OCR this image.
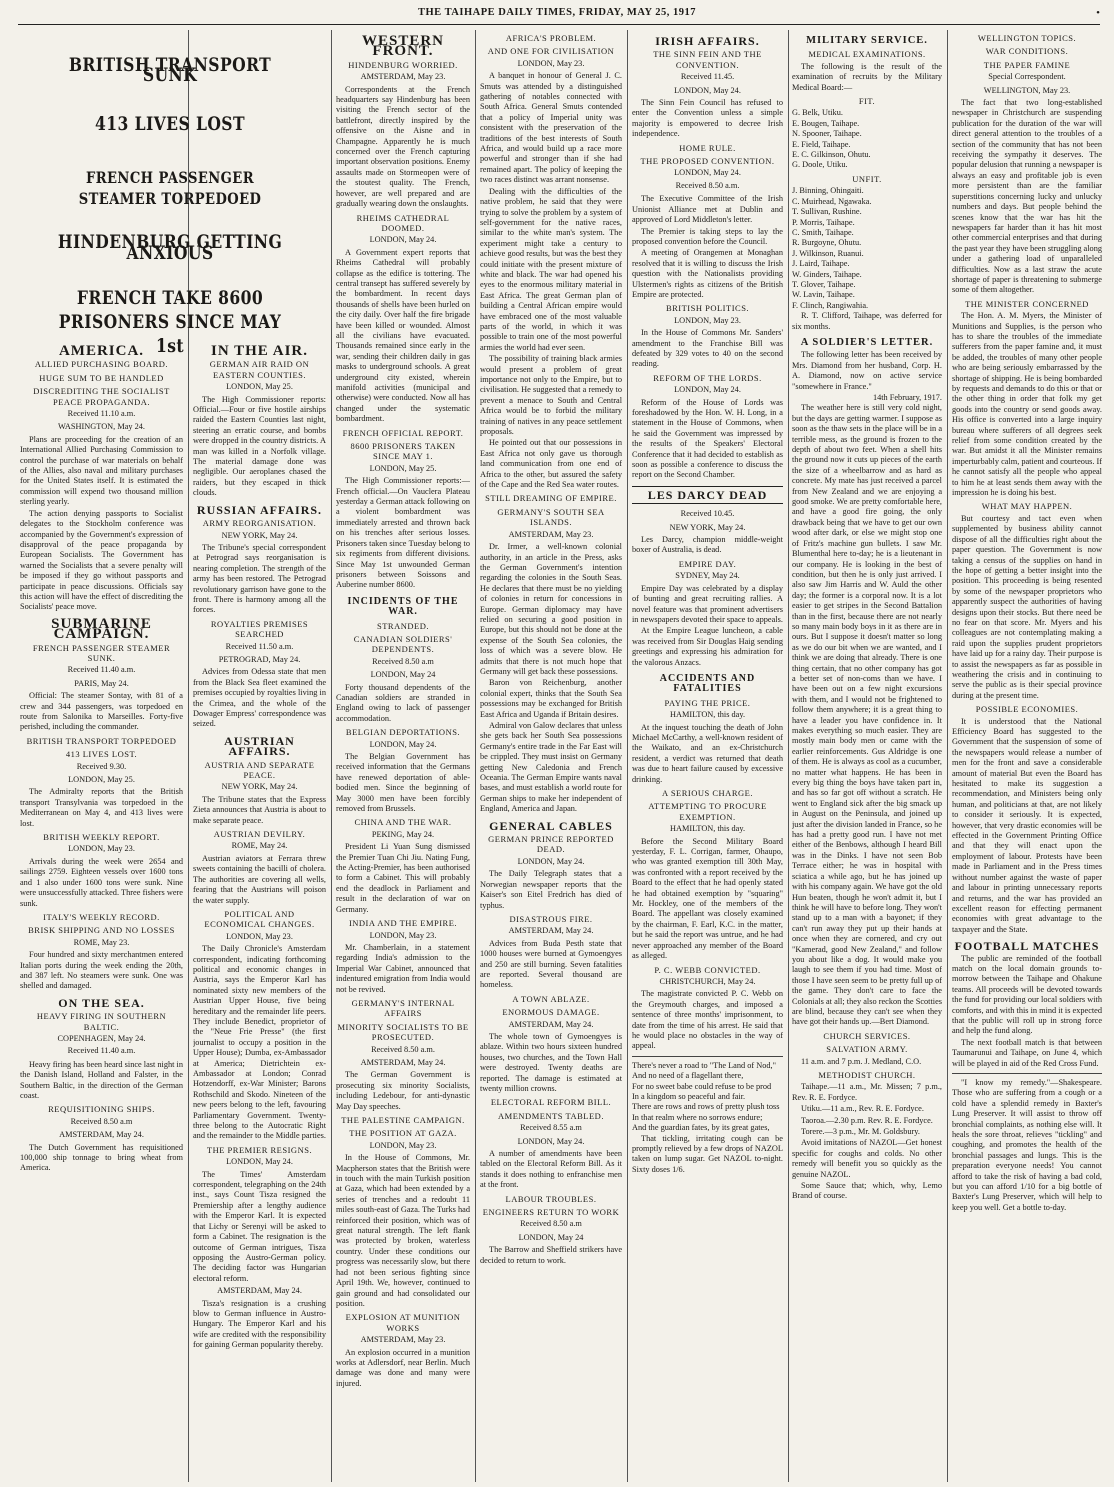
THE TAIHAPE DAILY TIMES, FRIDAY, MAY 25, 1917	•
BRITISH TRANSPORT SUNK
413 LIVES LOST
FRENCH PASSENGER STEAMER TORPEDOED
HINDENBURG GETTING ANXIOUS
FRENCH TAKE 8600 PRISONERS SINCE MAY 1st
AMERICA.
ALLIED PURCHASING BOARD.
HUGE SUM TO BE HANDLED
DISCREDITING THE SOCIALIST PEACE PROPAGANDA.
Received 11.10 a.m.
WASHINGTON, May 24.

Plans are proceeding for the creation of an International Allied Purchasing Commission to control the purchase of war materials on behalf of the Allies, also naval and military purchases for the United States itself. It is estimated the commission will expend two thousand million sterling yearly.

The action denying passports to Socialist delegates to the Stockholm conference was accompanied by the Government's expression of disapproval of the peace propaganda by European Socialists. The Government has warned the Socialists that a severe penalty will be imposed if they go without passports and participate in peace discussions. Officials say this action will have the effect of discrediting the Socialists' peace move.

SUBMARINE CAMPAIGN.
FRENCH PASSENGER STEAMER SUNK.
Received 11.40 a.m.
PARIS, May 24.

Official: The steamer Sontay, with 81 of a crew and 344 passengers, was torpedoed en route from Salonika to Marseilles. Forty-five perished, including the commander.

BRITISH TRANSPORT TORPEDOED
413 LIVES LOST.
Received 9.30.
LONDON, May 25.

The Admiralty reports that the British transport Transylvania was torpedoed in the Mediterranean on May 4, and 413 lives were lost.

BRITISH WEEKLY REPORT.
LONDON, May 23.

Arrivals during the week were 2654 and sailings 2759. Eighteen vessels over 1600 tons and 1 also under 1600 tons were sunk. Nine were unsuccessfully attacked. Three fishers were sunk.

ITALY'S WEEKLY RECORD.
BRISK SHIPPING AND NO LOSSES
ROME, May 23.

Four hundred and sixty merchantmen entered Italian ports during the week ending the 20th, and 387 left. No steamers were sunk. One was shelled and damaged.

ON THE SEA.
HEAVY FIRING IN SOUTHERN BALTIC.
COPENHAGEN, May 24.
Received 11.40 a.m.

Heavy firing has been heard since last night in the Danish Island, Holland and Falster, in the Southern Baltic, in the direction of the German coast.

REQUISITIONING SHIPS.
Received 8.50 a.m
AMSTERDAM, May 24.

The Dutch Government has requisitioned 100,000 ship tonnage to bring wheat from America.

IN THE AIR.
GERMAN AIR RAID ON EASTERN COUNTIES.
LONDON, May 25.

The High Commissioner reports: Official.—Four or five hostile airships raided the Eastern Counties last night, steering an erratic course, and bombs were dropped in the country districts. A man was killed in a Norfolk village. The material damage done was negligible. Our aeroplanes chased the raiders, but they escaped in thick clouds.

RUSSIAN AFFAIRS.
ARMY REORGANISATION.
NEW YORK, May 24.

The Tribune's special correspondent at Petrograd says reorganisation is nearing completion. The strength of the army has been restored. The Petrograd revolutionary garrison have gone to the front. There is harmony among all the forces.

ROYALTIES PREMISES SEARCHED
Received 11.50 a.m.
PETROGRAD, May 24.

Advices from Odessa state that men from the Black Sea fleet examined the premises occupied by royalties living in the Crimea, and the whole of the Dowager Empress' correspondence was seized.

AUSTRIAN AFFAIRS.
AUSTRIA AND SEPARATE PEACE.
NEW YORK, May 24.

The Tribune states that the Express Zieta announces that Austria is about to make separate peace.

AUSTRIAN DEVILRY.
ROME, May 24.

Austrian aviators at Ferrara threw sweets containing the bacilli of cholera. The authorities are covering all wells, fearing that the Austrians will poison the water supply.

POLITICAL AND ECONOMICAL CHANGES.
LONDON, May 23.

The Daily Chronicle's Amsterdam correspondent, indicating forthcoming political and economic changes in Austria, says the Emperor Karl has nominated sixty new members of the Austrian Upper House, five being hereditary and the remainder life peers. They include Benedict, proprietor of the "Neue Frie Presse" (the first journalist to occupy a position in the Upper House); Dumba, ex-Ambassador at America; Dietrichtein ex-Ambassador at London; Conrad Hotzendorff, ex-War Minister; Barons Rothschild and Skodo. Nineteen of the new peers belong to the left, favouring Parliamentary Government. Twenty-three belong to the Autocratic Right and the remainder to the Middle parties.

THE PREMIER RESIGNS.
LONDON, May 24.

The Times' Amsterdam correspondent, telegraphing on the 24th inst., says Count Tisza resigned the Premiership after a lengthy audience with the Emperor Karl. It is expected that Lichy or Serenyi will be asked to form a Cabinet. The resignation is the outcome of German intrigues, Tisza opposing the Austro-German policy. The deciding factor was Hungarian electoral reform.

AMSTERDAM, May 24.

Tisza's resignation is a crushing blow to German influence in Austro-Hungary. The Emperor Karl and his wife are credited with the responsibility for gaining German popularity thereby.

WESTERN FRONT.
HINDENBURG WORRIED.
AMSTERDAM, May 23.

Correspondents at the French headquarters say Hindenburg has been visiting the French sector of the battlefront, directly inspired by the offensive on the Aisne and in Champagne. Apparently he is much concerned over the French capturing important observation positions. Enemy assaults made on Stormeopen were of the stoutest quality. The French, however, are well prepared and are gradually wearing down the onslaughts.

RHEIMS CATHEDRAL DOOMED.
LONDON, May 24.

A Government expert reports that Rheims Cathedral will probably collapse as the edifice is tottering. The central transept has suffered severely by the bombardment. In recent days thousands of shells have been hurled on the city daily. Over half the fire brigade have been killed or wounded. Almost all the civilians have evacuated. Thousands remained since early in the war, sending their children daily in gas masks to underground schools. A great underground city existed, wherein manifold activities (municipal and otherwise) were conducted. Now all has changed under the systematic bombardment.

FRENCH OFFICIAL REPORT.
8600 PRISONERS TAKEN SINCE MAY 1.
LONDON, May 25.

The High Commissioner reports:— French official.—On Vauclera Plateau yesterday a German attack following on a violent bombardment was immediately arrested and thrown back on his trenches after serious losses. Prisoners taken since Tuesday belong to six regiments from different divisions. Since May 1st unwounded German prisoners between Soissons and Auberine number 8600.

INCIDENTS OF THE WAR.
STRANDED.
CANADIAN SOLDIERS' DEPENDENTS.
Received 8.50 a.m
LONDON, May 24

Forty thousand dependents of the Canadian soldiers are stranded in England owing to lack of passenger accommodation.

BELGIAN DEPORTATIONS.
LONDON, May 24.

The Belgian Government has received information that the Germans have renewed deportation of able-bodied men. Since the beginning of May 3000 men have been forcibly removed from Brussels.

CHINA AND THE WAR.
PEKING, May 24.

President Li Yuan Sung dismissed the Premier Tuan Chi Jiu. Nating Fung, the Acting-Premier, has been authorised to form a Cabinet. This will probably end the deadlock in Parliament and result in the declaration of war on Germany.

INDIA AND THE EMPIRE.
LONDON, May 23.

Mr. Chamberlain, in a statement regarding India's admission to the Imperial War Cabinet, announced that indentured emigration from India would not be revived.

GERMANY'S INTERNAL AFFAIRS
MINORITY SOCIALISTS TO BE PROSECUTED.
Received 8.50 a.m.
AMSTERDAM, May 24.

The German Government is prosecuting six minority Socialists, including Ledebour, for anti-dynastic May Day speeches.

THE PALESTINE CAMPAIGN.
THE POSITION AT GAZA.
LONDON, May 23.

In the House of Commons, Mr. Macpherson states that the British were in touch with the main Turkish position at Gaza, which had been extended by a series of trenches and a redoubt 11 miles south-east of Gaza. The Turks had reinforced their position, which was of great natural strength. The left flank was protected by broken, waterless country. Under these conditions our progress was necessarily slow, but there had not been serious fighting since April 19th. We, however, continued to gain ground and had consolidated our position.

EXPLOSION AT MUNITION WORKS
AMSTERDAM, May 23.

An explosion occurred in a munition works at Adlersdorf, near Berlin. Much damage was done and many were injured.

AFRICA'S PROBLEM.
AND ONE FOR CIVILISATION
LONDON, May 23.

A banquet in honour of General J. C. Smuts was attended by a distinguished gathering of notables connected with South Africa. General Smuts contended that a policy of Imperial unity was consistent with the preservation of the traditions of the best interests of South Africa, and would build up a race more powerful and stronger than if she had remained apart. The policy of keeping the two races distinct was arrant nonsense.

Dealing with the difficulties of the native problem, he said that they were trying to solve the problem by a system of self-government for the native races, similar to the white man's system. The experiment might take a century to achieve good results, but was the best they could initiate with the present mixture of white and black. The war had opened his eyes to the enormous military material in East Africa. The great German plan of building a Central African empire would have embraced one of the most valuable parts of the world, in which it was possible to train one of the most powerful armies the world had ever seen.

The possibility of training black armies would present a problem of great importance not only to the Empire, but to civilisation. He suggested that a remedy to prevent a menace to South and Central Africa would be to forbid the military training of natives in any peace settlement proposals.

He pointed out that our possessions in East Africa not only gave us thorough land communication from one end of Africa to the other, but assured the safety of the Cape and the Red Sea water routes.

STILL DREAMING OF EMPIRE.
GERMANY'S SOUTH SEA ISLANDS.
AMSTERDAM, May 23.

Dr. Irmer, a well-known colonial authority, in an article in the Press, asks the German Government's intention regarding the colonies in the South Seas. He declares that there must be no yielding of colonies in return for concessions in Europe. German diplomacy may have relied on securing a good position in Europe, but this should not be done at the expense of the South Sea colonies, the loss of which was a severe blow. He admits that there is not much hope that Germany will get back these possessions.

Baron von Reichenburg, another colonial expert, thinks that the South Sea possessions may be exchanged for British East Africa and Uganda if Britain desires.

Admiral von Galow declares that unless she gets back her South Sea possessions Germany's entire trade in the Far East will be crippled. They must insist on Germany getting New Caledonia and French Oceania. The German Empire wants naval bases, and must establish a world route for German ships to make her independent of England, America and Japan.

GENERAL CABLES
GERMAN PRINCE REPORTED DEAD.
LONDON, May 24.

The Daily Telegraph states that a Norwegian newspaper reports that the Kaiser's son Eitel Fredrich has died of typhus.

DISASTROUS FIRE.
AMSTERDAM, May 24.

Advices from Buda Pesth state that 1000 houses were burned at Gymoengyes and 250 are still burning. Seven fatalities are reported. Several thousand are homeless.

A TOWN ABLAZE.
ENORMOUS DAMAGE.
AMSTERDAM, May 24.

The whole town of Gymoengyes is ablaze. Within two hours sixteen hundred houses, two churches, and the Town Hall were destroyed. Twenty deaths are reported. The damage is estimated at twenty million crowns.

ELECTORAL REFORM BILL.
AMENDMENTS TABLED.
Received 8.55 a.m
LONDON, May 24.

A number of amendments have been tabled on the Electoral Reform Bill. As it stands it does nothing to enfranchise men at the front.

LABOUR TROUBLES.
ENGINEERS RETURN TO WORK
Received 8.50 a.m
LONDON, May 24

The Barrow and Sheffield strikers have decided to return to work.

IRISH AFFAIRS.
THE SINN FEIN AND THE CONVENTION.
Received 11.45.
LONDON, May 24.

The Sinn Fein Council has refused to enter the Convention unless a simple majority is empowered to decree Irish independence.

HOME RULE.
THE PROPOSED CONVENTION.
LONDON, May 24.
Received 8.50 a.m.

The Executive Committee of the Irish Unionist Alliance met at Dublin and approved of Lord Middleton's letter.

The Premier is taking steps to lay the proposed convention before the Council.

A meeting of Orangemen at Monaghan resolved that it is willing to discuss the Irish question with the Nationalists providing Ulstermen's rights as citizens of the British Empire are protected.

BRITISH POLITICS.
LONDON, May 23.

In the House of Commons Mr. Sanders' amendment to the Franchise Bill was defeated by 329 votes to 40 on the second reading.

REFORM OF THE LORDS.
LONDON, May 24.

Reform of the House of Lords was foreshadowed by the Hon. W. H. Long, in a statement in the House of Commons, when he said the Government was impressed by the results of the Speakers' Electoral Conference that it had decided to establish as soon as possible a conference to discuss the report on the Second Chamber.

LES DARCY DEAD
Received 10.45.
NEW YORK, May 24.

Les Darcy, champion middle-weight boxer of Australia, is dead.

EMPIRE DAY.
SYDNEY, May 24.

Empire Day was celebrated by a display of bunting and great recruiting rallies. A novel feature was that prominent advertisers in newspapers devoted their space to appeals.

At the Empire League luncheon, a cable was received from Sir Douglas Haig sending greetings and expressing his admiration for the valorous Anzacs.

ACCIDENTS AND FATALITIES
PAYING THE PRICE.
HAMILTON, this day.

At the inquest touching the death of John Michael McCarthy, a well-known resident of the Waikato, and an ex-Christchurch resident, a verdict was returned that death was due to heart failure caused by excessive drinking.

A SERIOUS CHARGE.
ATTEMPTING TO PROCURE EXEMPTION.
HAMILTON, this day.

Before the Second Military Board yesterday, F. L. Corrigan, farmer, Ohaupo, who was granted exemption till 30th May, was confronted with a report received by the Board to the effect that he had openly stated he had obtained exemption by "squaring" Mr. Hockley, one of the members of the Board. The appellant was closely examined by the chairman, F. Earl, K.C. in the matter, but he said the report was untrue, and he had never approached any member of the Board as alleged.

P. C. WEBB CONVICTED.
CHRISTCHURCH, May 24.

The magistrate convicted P. C. Webb on the Greymouth charges, and imposed a sentence of three months' imprisonment, to date from the time of his arrest. He said that he would place no obstacles in the way of appeal.

There's never a road to "The Land of Nod,"
And no need of a flagellant there,
For no sweet babe could refuse to be prod
In a kingdom so peaceful and fair.
There are rows and rows of pretty plush toss
In that realm where no sorrows endure;
And the guardian fates, by its great gates,

That tickling, irritating cough can be promptly relieved by a few drops of NAZOL taken on lump sugar. Get NAZOL to-night. Sixty doses 1/6.

MILITARY SERVICE.
MEDICAL EXAMINATIONS.

The following is the result of the examination of recruits by the Military Medical Board:—

FIT.
G. Belk, Utiku.
E. Bougen, Taihape.
N. Spooner, Taihape.
E. Field, Taihape.
E. C. Gilkinson, Ohutu.
G. Doole, Utiku.
UNFIT.
J. Binning, Ohingaiti.
C. Muirhead, Ngawaka.
T. Sullivan, Rushine.
P. Morris, Taihape.
C. Smith, Taihape.
R. Burgoyne, Ohutu.
J. Wilkinson, Ruanui.
J. Laird, Taihape.
W. Ginders, Taihape.
T. Glover, Taihape.
W. Lavin, Taihape.
F. Clinch, Rangiwahia.

R. T. Clifford, Taihape, was deferred for six months.

A SOLDIER'S LETTER.

The following letter has been received by Mrs. Diamond from her husband, Corp. H. A. Diamond, now on active service "somewhere in France."

14th February, 1917.

The weather here is still very cold night, but the days are getting warmer. I suppose as soon as the thaw sets in the place will be in a terrible mess, as the ground is frozen to the depth of about two feet. When a shell hits the ground now it cuts up pieces of the earth the size of a wheelbarrow and as hard as concrete. My mate has just received a parcel from New Zealand and we are enjoying a good smoke. We are pretty comfortable here, and have a good fire going, the only drawback being that we have to get our own wood after dark, or else we might stop one of Fritz's machine gun bullets. I saw Mr. Blumenthal here to-day; he is a lieutenant in our company. He is looking in the best of condition, but then he is only just arrived. I also saw Jim Harris and W. Auld the other day; the former is a corporal now. It is a lot easier to get stripes in the Second Battalion than in the first, because there are not nearly so many main body boys in it as there are in ours. But I suppose it doesn't matter so long as we do our bit when we are wanted, and I think we are doing that already. There is one thing certain, that no other company has got a better set of non-coms than we have. I have been out on a few night excursions with them, and I would not be frightened to follow them anywhere; it is a great thing to have a leader you have confidence in. It makes everything so much easier. They are mostly main body men or came with the earlier reinforcements. Gus Aldridge is one of them. He is always as cool as a cucumber, no matter what happens. He has been in every big thing the boys have taken part in, and has so far got off without a scratch. He went to England sick after the big smack up in August on the Peninsula, and joined up just after the division landed in France, so he has had a pretty good run. I have not met either of the Benbows, although I heard Bill was in the Dinks. I have not seen Bob Terrace either; he was in hospital with sciatica a while ago, but he has joined up with his company again. We have got the old Hun beaten, though he won't admit it, but I think he will have to before long. They won't stand up to a man with a bayonet; if they can't run away they put up their hands at once when they are cornered, and cry out "Kamerad, good New Zealand," and follow you about like a dog. It would make you laugh to see them if you had time. Most of those I have seen seem to be pretty full up of the game. They don't care to face the Colonials at all; they also reckon the Scotties are blind, because they can't see when they have got their hands up.—Bert Diamond.

CHURCH SERVICES.
SALVATION ARMY.

11 a.m. and 7 p.m. J. Medland, C.O.

METHODIST CHURCH.

Taihape.—11 a.m., Mr. Missen; 7 p.m., Rev. R. E. Fordyce.

Utiku.—11 a.m., Rev. R. E. Fordyce.

Taoroa.—2.30 p.m. Rev. R. E. Fordyce.

Torere.—3 p.m., Mr. M. Goldsbury.

Avoid imitations of NAZOL—Get honest specific for coughs and colds. No other remedy will benefit you so quickly as the genuine NAZOL.

Some Sauce that; which, why, Lemo Brand of course.

WELLINGTON TOPICS.
WAR CONDITIONS.
THE PAPER FAMINE
Special Correspondent.
WELLINGTON, May 23.

The fact that two long-established newspaper in Christchurch are suspending publication for the duration of the war will direct general attention to the troubles of a section of the community that has not been receiving the sympathy it deserves. The popular delusion that running a newspaper is always an easy and profitable job is even more persistent than are the familiar superstitions concerning lucky and unlucky numbers and days. But people behind the scenes know that the war has hit the newspapers far harder than it has hit most other commercial enterprises and that during the past year they have been struggling along under a gathering load of unparalleled difficulties. Now as a last straw the acute shortage of paper is threatening to submerge some of them altogether.

THE MINISTER CONCERNED

The Hon. A. M. Myers, the Minister of Munitions and Supplies, is the person who has to share the troubles of the immediate sufferers from the paper famine and, it must be added, the troubles of many other people who are being seriously embarrassed by the shortage of shipping. He is being bombarded by requests and demands to do this or that or the other thing in order that folk my get goods into the country or send goods away. His office is converted into a large inquiry bureau where sufferers of all degrees seek relief from some condition created by the war. But amidst it all the Minister remains imperturbably calm, patient and courteous. If he cannot satisfy all the people who appeal to him he at least sends them away with the impression he is doing his best.

WHAT MAY HAPPEN.

But courtesy and tact even when supplemented by business ability cannot dispose of all the difficulties right about the paper question. The Government is now taking a census of the supplies on hand in the hope of getting a better insight into the position. This proceeding is being resented by some of the newspaper proprietors who apparently suspect the authorities of having designs upon their stocks. But there need be no fear on that score. Mr. Myers and his colleagues are not contemplating making a raid upon the supplies prudent proprietors have laid up for a rainy day. Their purpose is to assist the newspapers as far as possible in weathering the crisis and in continuing to serve the public as is their special province during at the present time.

POSSIBLE ECONOMIES.

It is understood that the National Efficiency Board has suggested to the Government that the suspension of some of the newspapers would release a number of men for the front and save a considerable amount of material But even the Board has hesitated to make its suggestion a recommendation, and Ministers being only human, and politicians at that, are not likely to consider it seriously. It is expected, however, that very drastic economies will be effected in the Government Printing Office and that they will enact upon the employment of labour. Protests have been made in Parliament and in the Press times without number against the waste of paper and labour in printing unnecessary reports and returns, and the war has provided an excellent reason for effecting permanent economies with great advantage to the taxpayer and the State.

FOOTBALL MATCHES

The public are reminded of the football match on the local domain grounds to-morrow between the Taihape and Ohakune teams. All proceeds will be devoted towards the fund for providing our local soldiers with comforts, and with this in mind it is expected that the public will roll up in strong force and help the fund along.

The next football match is that between Taumarunui and Taihape, on June 4, which will be played in aid of the Red Cross Fund.

"I know my remedy."—Shakespeare. Those who are suffering from a cough or a cold have a splendid remedy in Baxter's Lung Preserver. It will assist to throw off bronchial complaints, as nothing else will. It heals the sore throat, relieves "tickling" and coughing, and promotes the health of the bronchial passages and lungs. This is the preparation everyone needs! You cannot afford to take the risk of having a bad cold, but you can afford 1/10 for a big bottle of Baxter's Lung Preserver, which will help to keep you well. Get a bottle to-day.
